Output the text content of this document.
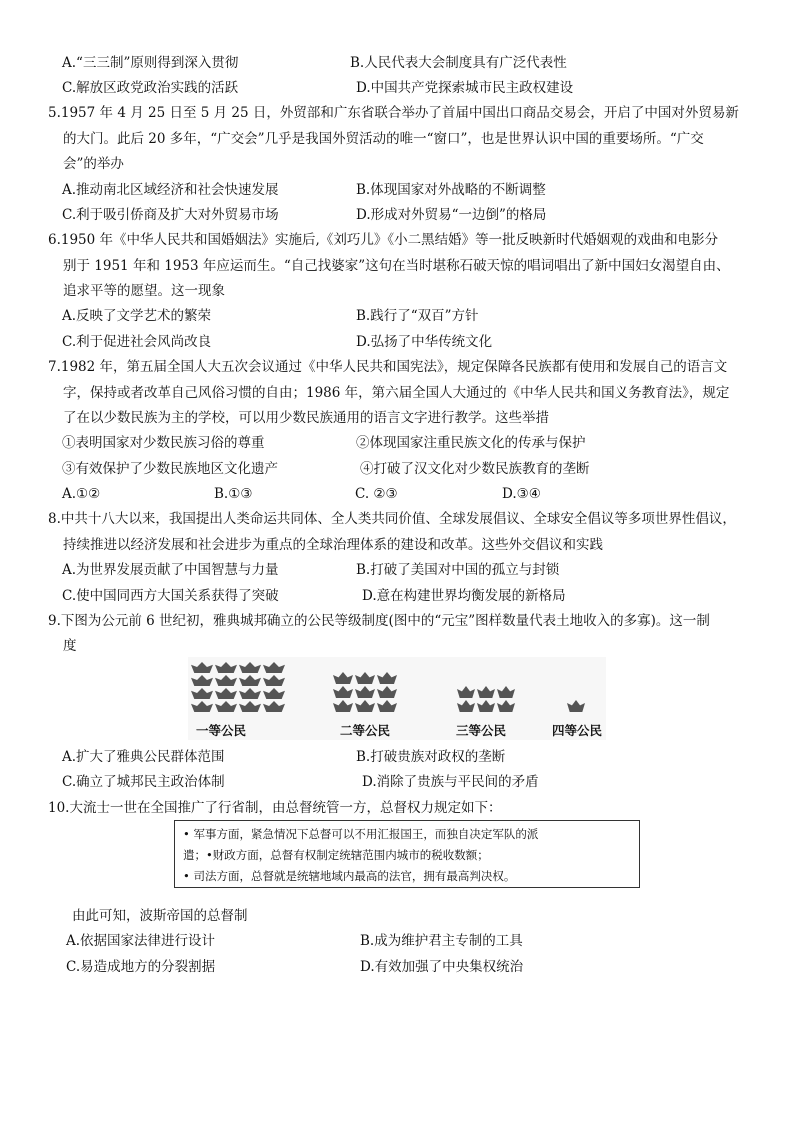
A.“三三制”原则得到深入贯彻	B.人民代表大会制度具有广泛代表性
C.解放区政党政治实践的活跃	D.中国共产党探索城市民主政权建设
5.1957 年 4 月 25 日至 5 月 25 日，外贸部和广东省联合举办了首届中国出口商品交易会，开启了中国对外贸易新
的大门。此后 20 多年，“广交会”几乎是我国外贸活动的唯一“窗口”，也是世界认识中国的重要场所。“广交
会”的举办
A.推动南北区域经济和社会快速发展	B.体现国家对外战略的不断调整
C.利于吸引侨商及扩大对外贸易市场	D.形成对外贸易“一边倒”的格局
6.1950 年《中华人民共和国婚姻法》实施后,《刘巧儿》《小二黑结婚》等一批反映新时代婚姻观的戏曲和电影分
别于 1951 年和 1953 年应运而生。“自己找婆家”这句在当时堪称石破天惊的唱词唱出了新中国妇女渴望自由、
追求平等的愿望。这一现象
A.反映了文学艺术的繁荣	B.践行了“双百”方针
C.利于促进社会风尚改良	D.弘扬了中华传统文化
7.1982 年，第五届全国人大五次会议通过《中华人民共和国宪法》，规定保障各民族都有使用和发展自己的语言文
字，保持或者改革自己风俗习惯的自由；1986 年，第六届全国人大通过的《中华人民共和国义务教育法》，规定
了在以少数民族为主的学校，可以用少数民族通用的语言文字进行教学。这些举措
①表明国家对少数民族习俗的尊重	②体现国家注重民族文化的传承与保护
③有效保护了少数民族地区文化遗产	④打破了汉文化对少数民族教育的垄断
A.①②	B.①③	C. ②③	D.③④
8.中共十八大以来，我国提出人类命运共同体、全人类共同价值、全球发展倡议、全球安全倡议等多项世界性倡议，
持续推进以经济发展和社会进步为重点的全球治理体系的建设和改革。这些外交倡议和实践
A.为世界发展贡献了中国智慧与力量	B.打破了美国对中国的孤立与封锁
C.使中国同西方大国关系获得了突破	D.意在构建世界均衡发展的新格局
9.下图为公元前 6 世纪初，雅典城邦确立的公民等级制度(图中的“元宝”图样数量代表土地收入的多寡)。这一制
度
一等公民	二等公民	三等公民	四等公民
A.扩大了雅典公民群体范围	B.打破贵族对政权的垄断
C.确立了城邦民主政治体制	D.消除了贵族与平民间的矛盾
10.大流士一世在全国推广了行省制，由总督统管一方，总督权力规定如下：
• 军事方面，紧急情况下总督可以不用汇报国王，而独自决定军队的派
遣；•财政方面，总督有权制定统辖范围内城市的税收数额；
• 司法方面，总督就是统辖地域内最高的法官，拥有最高判决权。
由此可知，波斯帝国的总督制
A.依据国家法律进行设计	B.成为维护君主专制的工具
C.易造成地方的分裂割据	D.有效加强了中央集权统治
